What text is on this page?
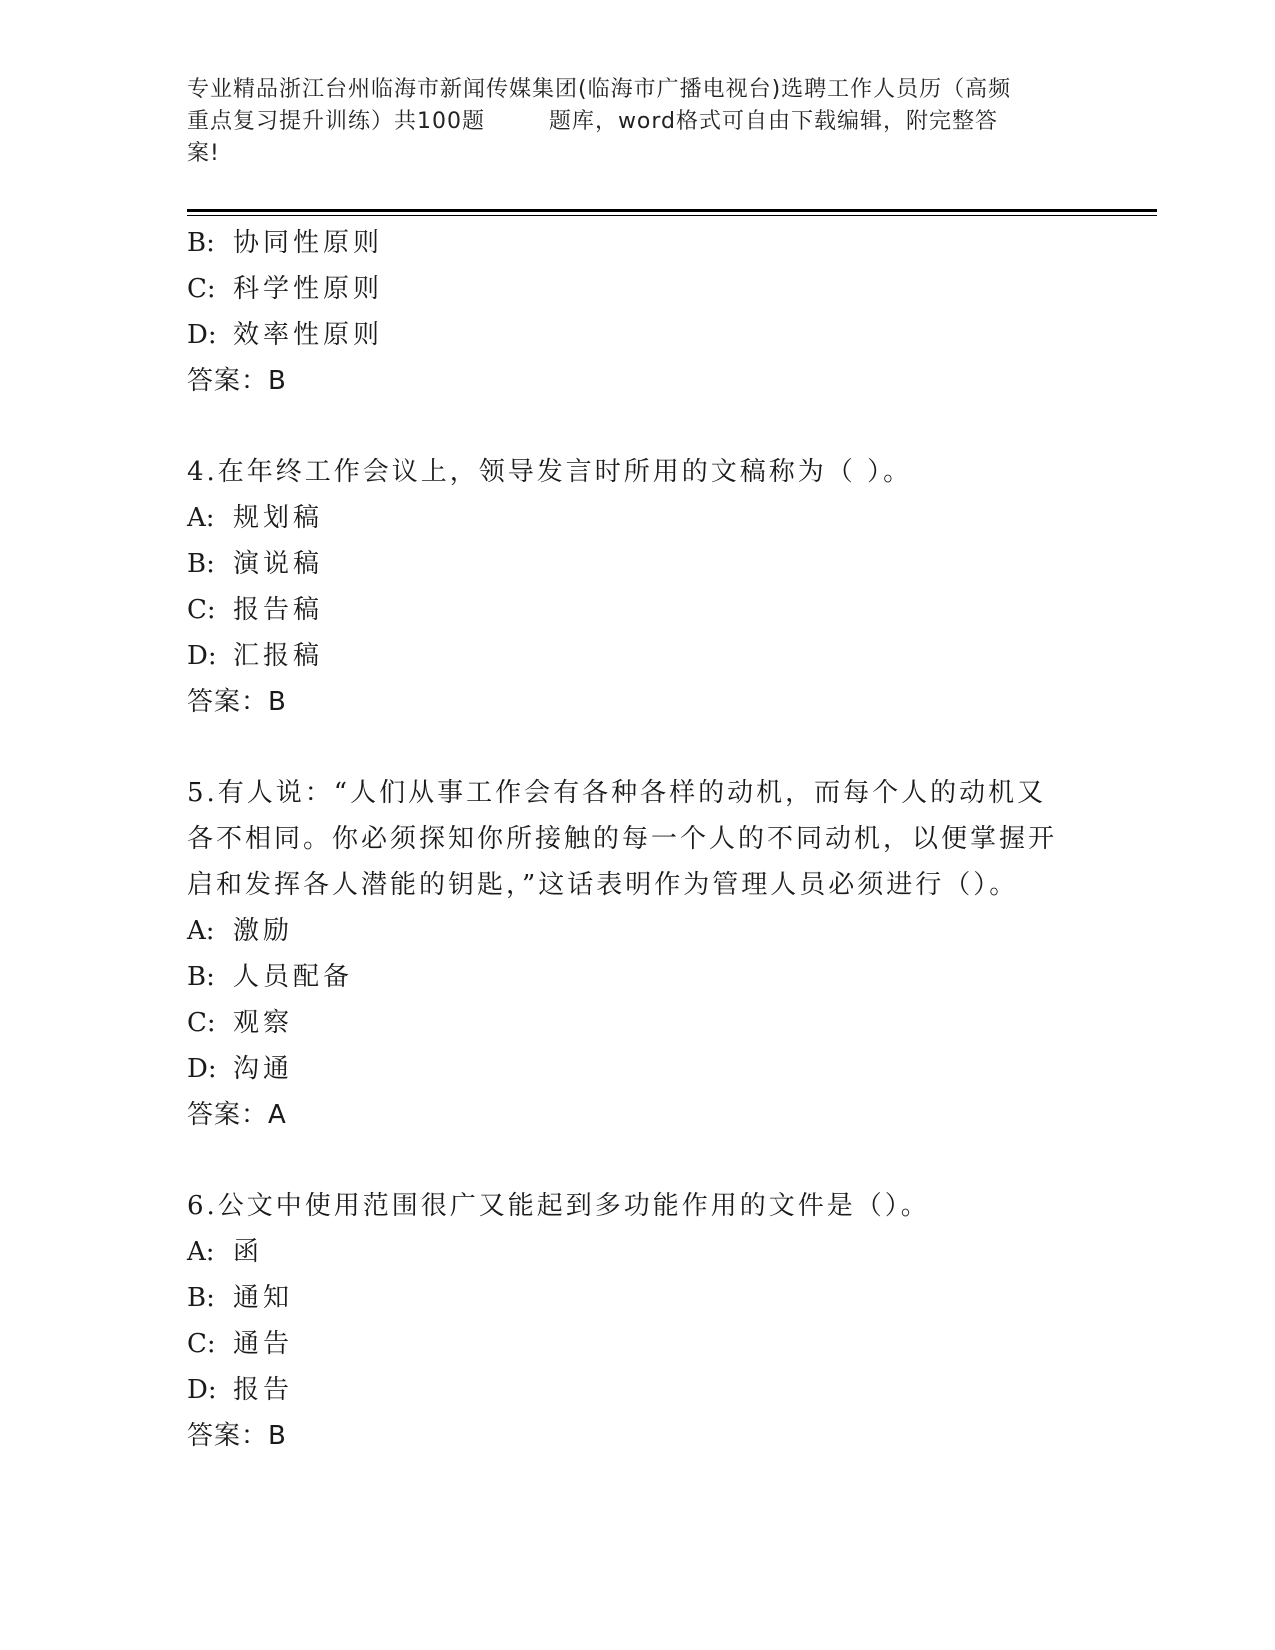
专业精品浙江台州临海市新闻传媒集团(临海市广播电视台)选聘工作人员历（高频
重点复习提升训练）共100题        题库，word格式可自由下载编辑，附完整答
案!
B: 协同性原则
C: 科学性原则
D: 效率性原则
答案：B
4.在年终工作会议上，领导发言时所用的文稿称为（ ）。
A: 规划稿
B: 演说稿
C: 报告稿
D: 汇报稿
答案：B
5.有人说：“人们从事工作会有各种各样的动机，而每个人的动机又
各不相同。你必须探知你所接触的每一个人的不同动机，以便掌握开
启和发挥各人潜能的钥匙，”这话表明作为管理人员必须进行（）。
A: 激励
B: 人员配备
C: 观察
D: 沟通
答案：A
6.公文中使用范围很广又能起到多功能作用的文件是（）。
A: 函
B: 通知
C: 通告
D: 报告
答案：B
